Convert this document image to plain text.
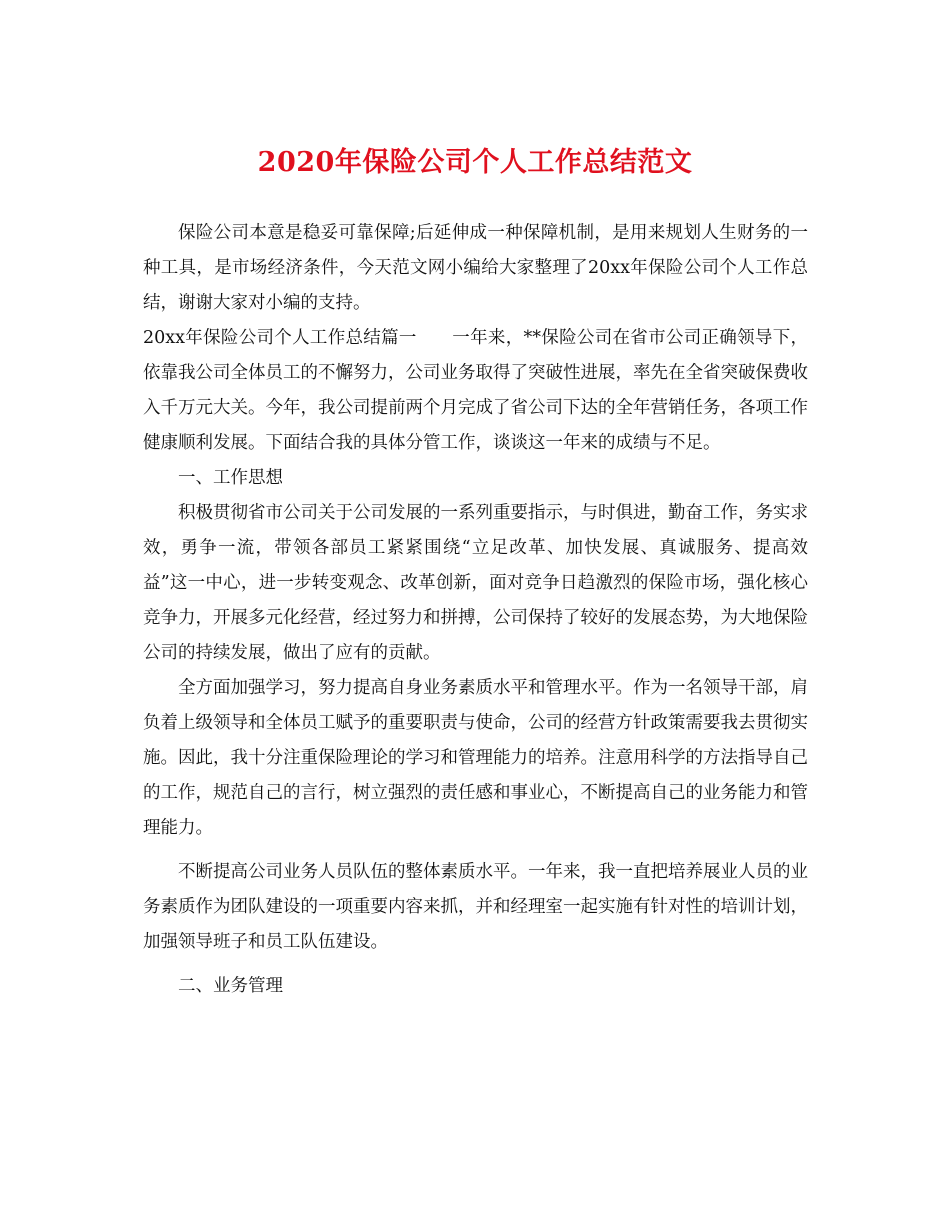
2020年保险公司个人工作总结范文

保险公司本意是稳妥可靠保障;后延伸成一种保障机制，是用来规划人生财务的一种工具，是市场经济条件，今天范文网小编给大家整理了20xx年保险公司个人工作总结，谢谢大家对小编的支持。

20xx年保险公司个人工作总结篇一　　一年来，**保险公司在省市公司正确领导下，依靠我公司全体员工的不懈努力，公司业务取得了突破性进展，率先在全省突破保费收入千万元大关。今年，我公司提前两个月完成了省公司下达的全年营销任务，各项工作健康顺利发展。下面结合我的具体分管工作，谈谈这一年来的成绩与不足。

一、工作思想

积极贯彻省市公司关于公司发展的一系列重要指示，与时俱进，勤奋工作，务实求效，勇争一流，带领各部员工紧紧围绕“立足改革、加快发展、真诚服务、提高效益”这一中心，进一步转变观念、改革创新，面对竞争日趋激烈的保险市场，强化核心竞争力，开展多元化经营，经过努力和拼搏，公司保持了较好的发展态势，为大地保险公司的持续发展，做出了应有的贡献。

全方面加强学习，努力提高自身业务素质水平和管理水平。作为一名领导干部，肩负着上级领导和全体员工赋予的重要职责与使命，公司的经营方针政策需要我去贯彻实施。因此，我十分注重保险理论的学习和管理能力的培养。注意用科学的方法指导自己的工作，规范自己的言行，树立强烈的责任感和事业心，不断提高自己的业务能力和管理能力。

不断提高公司业务人员队伍的整体素质水平。一年来，我一直把培养展业人员的业务素质作为团队建设的一项重要内容来抓，并和经理室一起实施有针对性的培训计划，加强领导班子和员工队伍建设。

二、业务管理
